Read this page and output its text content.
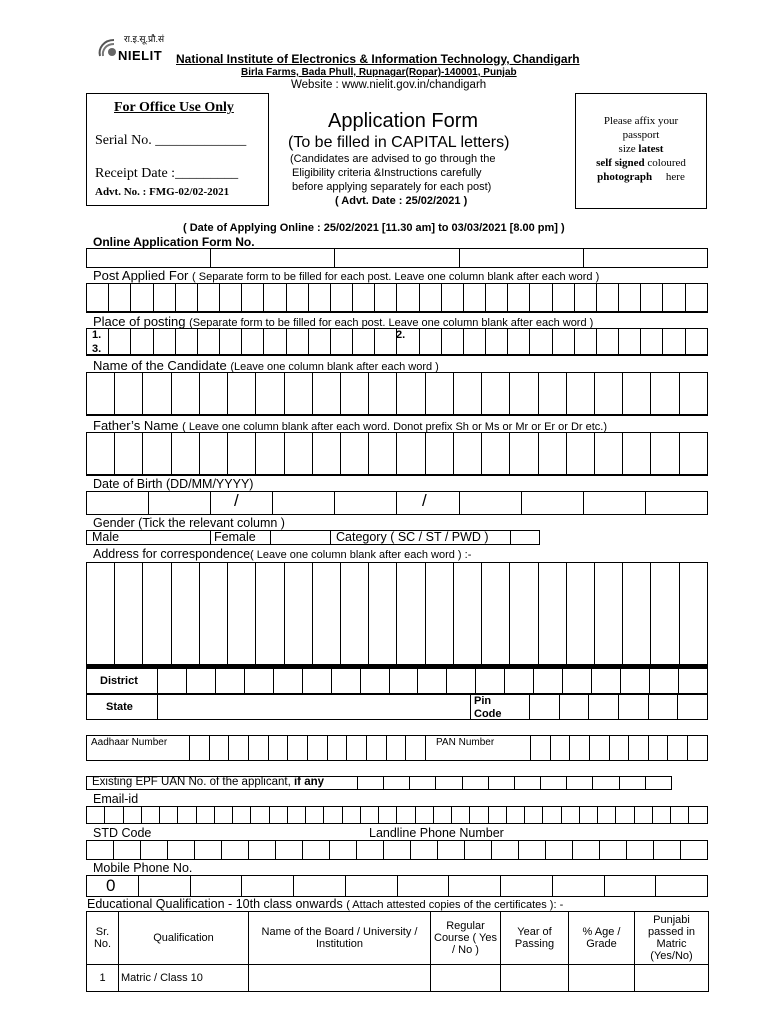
रा.इ.सू.प्रौ.सं
NIELIT National Institute of Electronics & Information Technology, Chandigarh
Birla Farms, Bada Phull, Rupnagar(Ropar)-140001, Punjab
Website : www.nielit.gov.in/chandigarh
For Office Use Only
Serial No. _____________
Receipt Date :_________
Advt. No. : FMG-02/02-2021
Application Form
(To be filled in CAPITAL letters)
(Candidates are advised to go through the
Eligibility criteria &Instructions carefully
before applying separately for each post)
( Advt. Date : 25/02/2021 )
Please affix your
passport
size latest
self signed coloured
photograph here
( Date of Applying Online : 25/02/2021 [11.30 am] to 03/03/2021 [8.00 pm] )
Online Application Form No.

Post Applied For ( Separate form to be filled for each post. Leave one column blank after each word )

Place of posting (Separate form to be filled for each post. Leave one column blank after each word )

1.	2.
3.
Name of the Candidate (Leave one column blank after each word )

Father’s Name ( Leave one column blank after each word. Donot prefix Sh or Ms or Mr or Er or Dr etc.)

Date of Birth (DD/MM/YYYY)

/	/
Gender (Tick the relevant column )
Male	Female	Category ( SC / ST / PWD )
Address for correspondence( Leave one column blank after each word ) :-

District

State	Pin
Code

Aadhaar Number	PAN Number

Existing EPF UAN No. of the applicant, if any
Email-id

STD Code	Landline Phone Number

Mobile Phone No.

0
Educational Qualification - 10th class onwards ( Attach attested copies of the certificates ): -
Sr. No.	Qualification	Name of the Board / University / Institution	Regular Course ( Yes / No )	Year of Passing	% Age / Grade	Punjabi passed in Matric (Yes/No)
1	Matric / Class 10					
